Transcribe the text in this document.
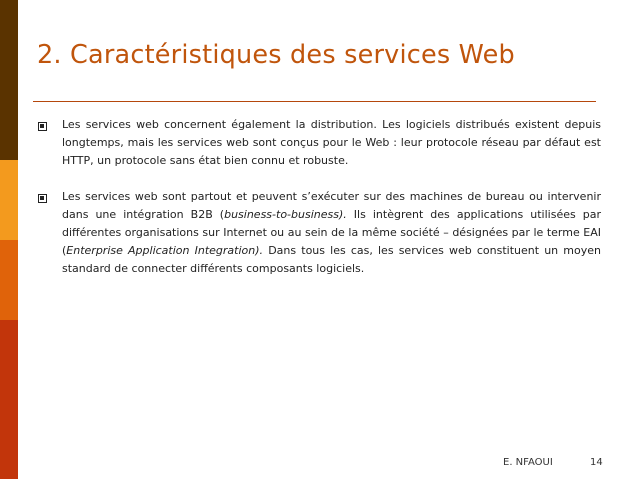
2. Caractéristiques des services Web

Les services web concernent également la distribution. Les logiciels distribués existent depuis longtemps, mais les services web sont conçus pour le Web : leur protocole réseau par défaut est HTTP, un protocole sans état bien connu et robuste.

Les services web sont partout et peuvent s’exécuter sur des machines de bureau ou intervenir dans une intégration B2B (business-to-business). Ils intègrent des applications utilisées par différentes organisations sur Internet ou au sein de la même société – désignées par le terme EAI (Enterprise Application Integration). Dans tous les cas, les services web constituent un moyen standard de connecter différents composants logiciels.

E. NFAOUI	14
